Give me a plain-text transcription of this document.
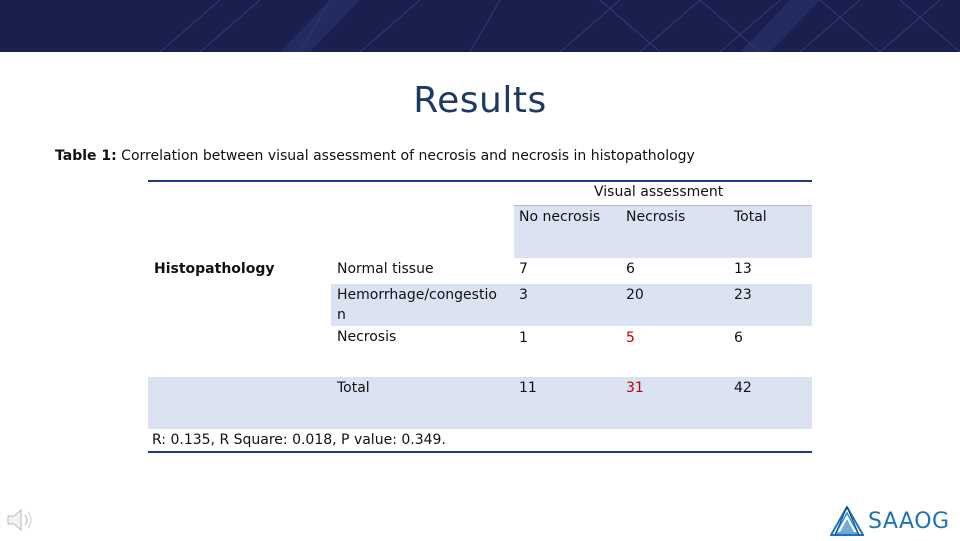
Results
Table 1: Correlation between visual assessment of necrosis and necrosis in histopathology
Visual assessment
No necrosis Necrosis	Total
Histopathology	Normal tissue	7	6	13
Hemorrhage/congestio
n
3	20	23
Necrosis	1	5	6
Total	11	31	42
R: 0.135, R Square: 0.018, P value: 0.349.
SAAOG
